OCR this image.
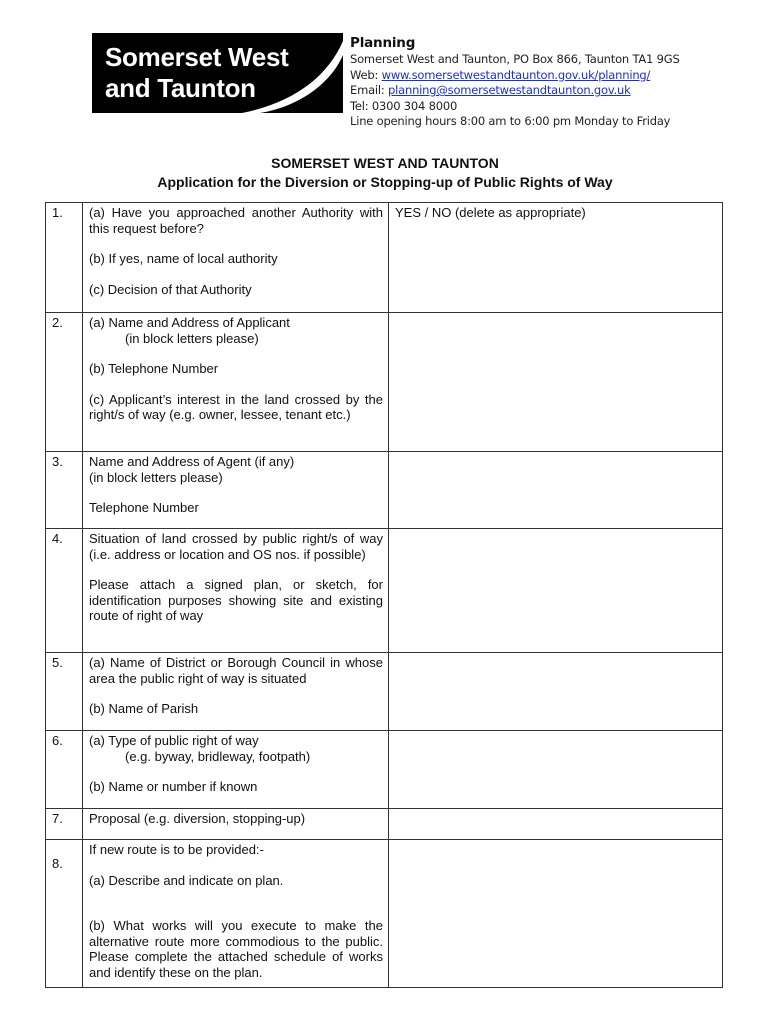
Somerset West
and Taunton
Planning
Somerset West and Taunton, PO Box 866, Taunton TA1 9GS
Web: www.somersetwestandtaunton.gov.uk/planning/
Email: planning@somersetwestandtaunton.gov.uk
Tel: 0300 304 8000
Line opening hours 8:00 am to 6:00 pm Monday to Friday
SOMERSET WEST AND TAUNTON
Application for the Diversion or Stopping-up of Public Rights of Way
1.	(a) Have you approached another Authority with this request before?

(b) If yes, name of local authority

(c) Decision of that Authority	YES / NO (delete as appropriate)
2.	(a) Name and Address of Applicant
(in block letters please)

(b) Telephone Number

(c) Applicant’s interest in the land crossed by the right/s of way (e.g. owner, lessee, tenant etc.)	

3.	Name and Address of Agent (if any)
(in block letters please)

Telephone Number	

4.	Situation of land crossed by public right/s of way (i.e. address or location and OS nos. if possible)

Please attach a signed plan, or sketch, for identification purposes showing site and existing route of right of way	

5.	(a) Name of District or Borough Council in whose area the public right of way is situated

(b) Name of Parish	

6.	(a) Type of public right of way
(e.g. byway, bridleway, footpath)

(b) Name or number if known	

7.	Proposal (e.g. diversion, stopping-up)	

8.	If new route is to be provided:-

(a) Describe and indicate on plan.

(b) What works will you execute to make the alternative route more commodious to the public. Please complete the attached schedule of works and identify these on the plan.	
